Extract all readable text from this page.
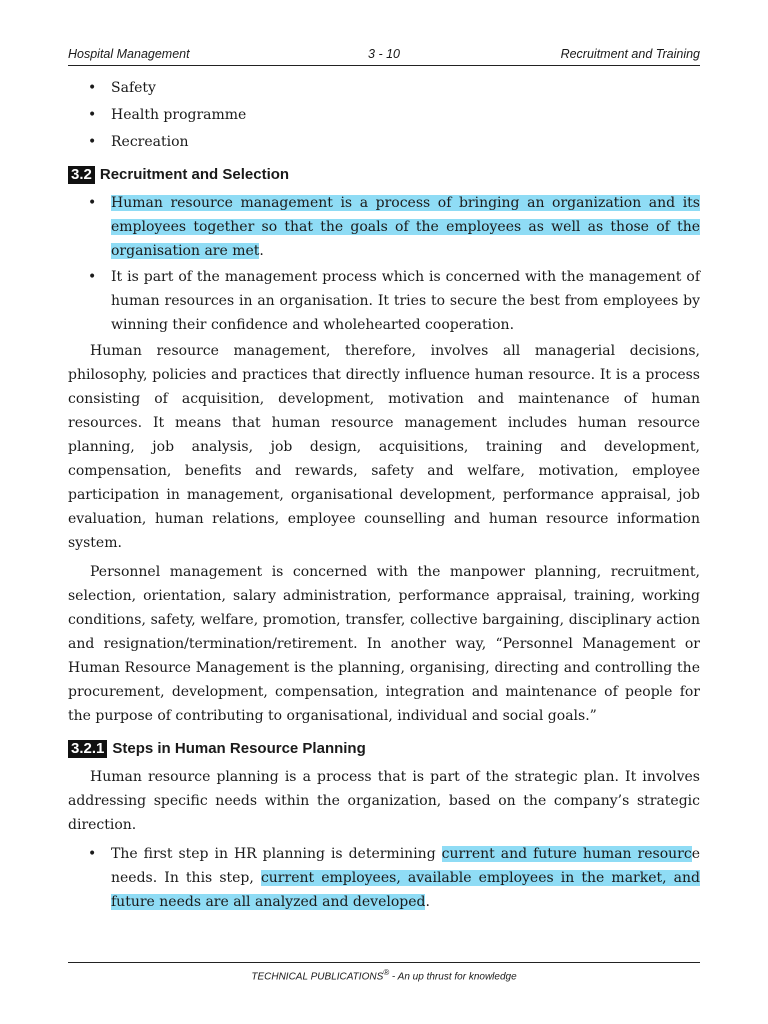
Hospital Management	3 - 10	Recruitment and Training
• Safety
• Health programme
• Recreation
3.2 Recruitment and Selection
• Human resource management is a process of bringing an organization and its employees together so that the goals of the employees as well as those of the organisation are met.
• It is part of the management process which is concerned with the management of human resources in an organisation. It tries to secure the best from employees by winning their confidence and wholehearted cooperation.

Human resource management, therefore, involves all managerial decisions, philosophy, policies and practices that directly influence human resource. It is a process consisting of acquisition, development, motivation and maintenance of human resources. It means that human resource management includes human resource planning, job analysis, job design, acquisitions, training and development, compensation, benefits and rewards, safety and welfare, motivation, employee participation in management, organisational development, performance appraisal, job evaluation, human relations, employee counselling and human resource information system.

Personnel management is concerned with the manpower planning, recruitment, selection, orientation, salary administration, performance appraisal, training, working conditions, safety, welfare, promotion, transfer, collective bargaining, disciplinary action and resignation/termination/retirement. In another way, “Personnel Management or Human Resource Management is the planning, organising, directing and controlling the procurement, development, compensation, integration and maintenance of people for the purpose of contributing to organisational, individual and social goals.”

3.2.1 Steps in Human Resource Planning

Human resource planning is a process that is part of the strategic plan. It involves addressing specific needs within the organization, based on the company’s strategic direction.

• The first step in HR planning is determining current and future human resource needs. In this step, current employees, available employees in the market, and future needs are all analyzed and developed.
TECHNICAL PUBLICATIONS® - An up thrust for knowledge
